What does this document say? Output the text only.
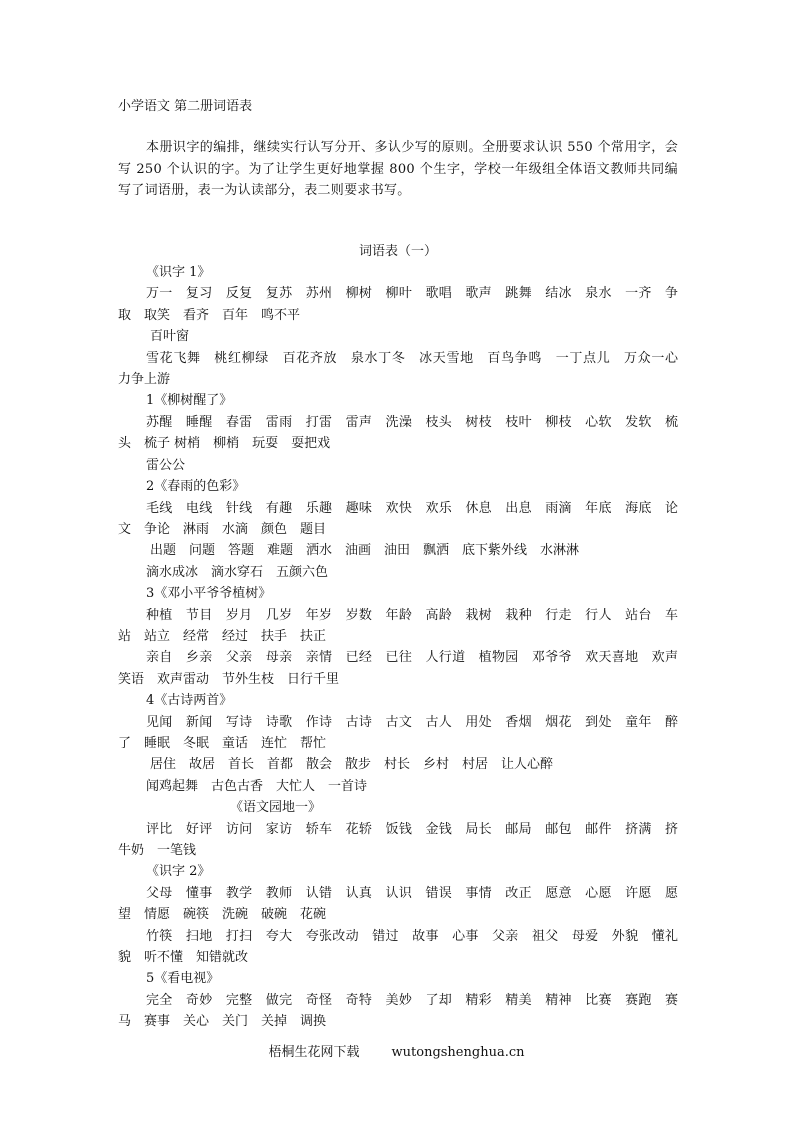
小学语文 第二册词语表

本册识字的编排，继续实行认写分开、多认少写的原则。全册要求认识 550 个常用字，会写 250 个认识的字。为了让学生更好地掌握 800 个生字，学校一年级组全体语文教师共同编写了词语册，表一为认读部分，表二则要求书写。

词语表（一）
《识字 1》
万一　复习　反复　复苏　苏州　柳树　柳叶　歌唱　歌声　跳舞　结冰　泉水　一齐　争取　取笑　看齐　百年　鸣不平
百叶窗
雪花飞舞　桃红柳绿　百花齐放　泉水丁冬　冰天雪地　百鸟争鸣　一丁点儿　万众一心　力争上游
1《柳树醒了》
苏醒　睡醒　春雷　雷雨　打雷　雷声　洗澡　枝头　树枝　枝叶　柳枝　心软　发软　梳头　梳子 树梢　柳梢　玩耍　耍把戏
雷公公
2《春雨的色彩》
毛线　电线　针线　有趣　乐趣　趣味　欢快　欢乐　休息　出息　雨滴　年底　海底　论文　争论　淋雨　水滴　颜色　题目
出题　问题　答题　难题　洒水　油画　油田　飘洒　底下紫外线　水淋淋
滴水成冰　滴水穿石　五颜六色
3《邓小平爷爷植树》
种植　节目　岁月　几岁　年岁　岁数　年龄　高龄　栽树　栽种　行走　行人　站台　车站　站立　经常　经过　扶手　扶正
亲自　乡亲　父亲　母亲　亲情　已经　已往　人行道　植物园　邓爷爷　欢天喜地　欢声笑语　欢声雷动　节外生枝　日行千里
4《古诗两首》
见闻　新闻　写诗　诗歌　作诗　古诗　古文　古人　用处　香烟　烟花　到处　童年　醉了　睡眠　冬眠　童话　连忙　帮忙
居住　故居　首长　首都　散会　散步　村长　乡村　村居　让人心醉
闻鸡起舞　古色古香　大忙人　一首诗
《语文园地一》
评比　好评　访问　家访　轿车　花轿　饭钱　金钱　局长　邮局　邮包　邮件　挤满　挤牛奶　一笔钱
《识字 2》
父母　懂事　教学　教师　认错　认真　认识　错误　事情　改正　愿意　心愿　许愿　愿望　情愿　碗筷　洗碗　破碗　花碗
竹筷　扫地　打扫　夸大　夸张改动　错过　故事　心事　父亲　祖父　母爱　外貌　懂礼貌　听不懂　知错就改
5《看电视》
完全　奇妙　完整　做完　奇怪　奇特　美妙　了却　精彩　精美　精神　比赛　赛跑　赛马　赛事　关心　关门　关掉　调换
梧桐生花网下载 wutongshenghua.cn
